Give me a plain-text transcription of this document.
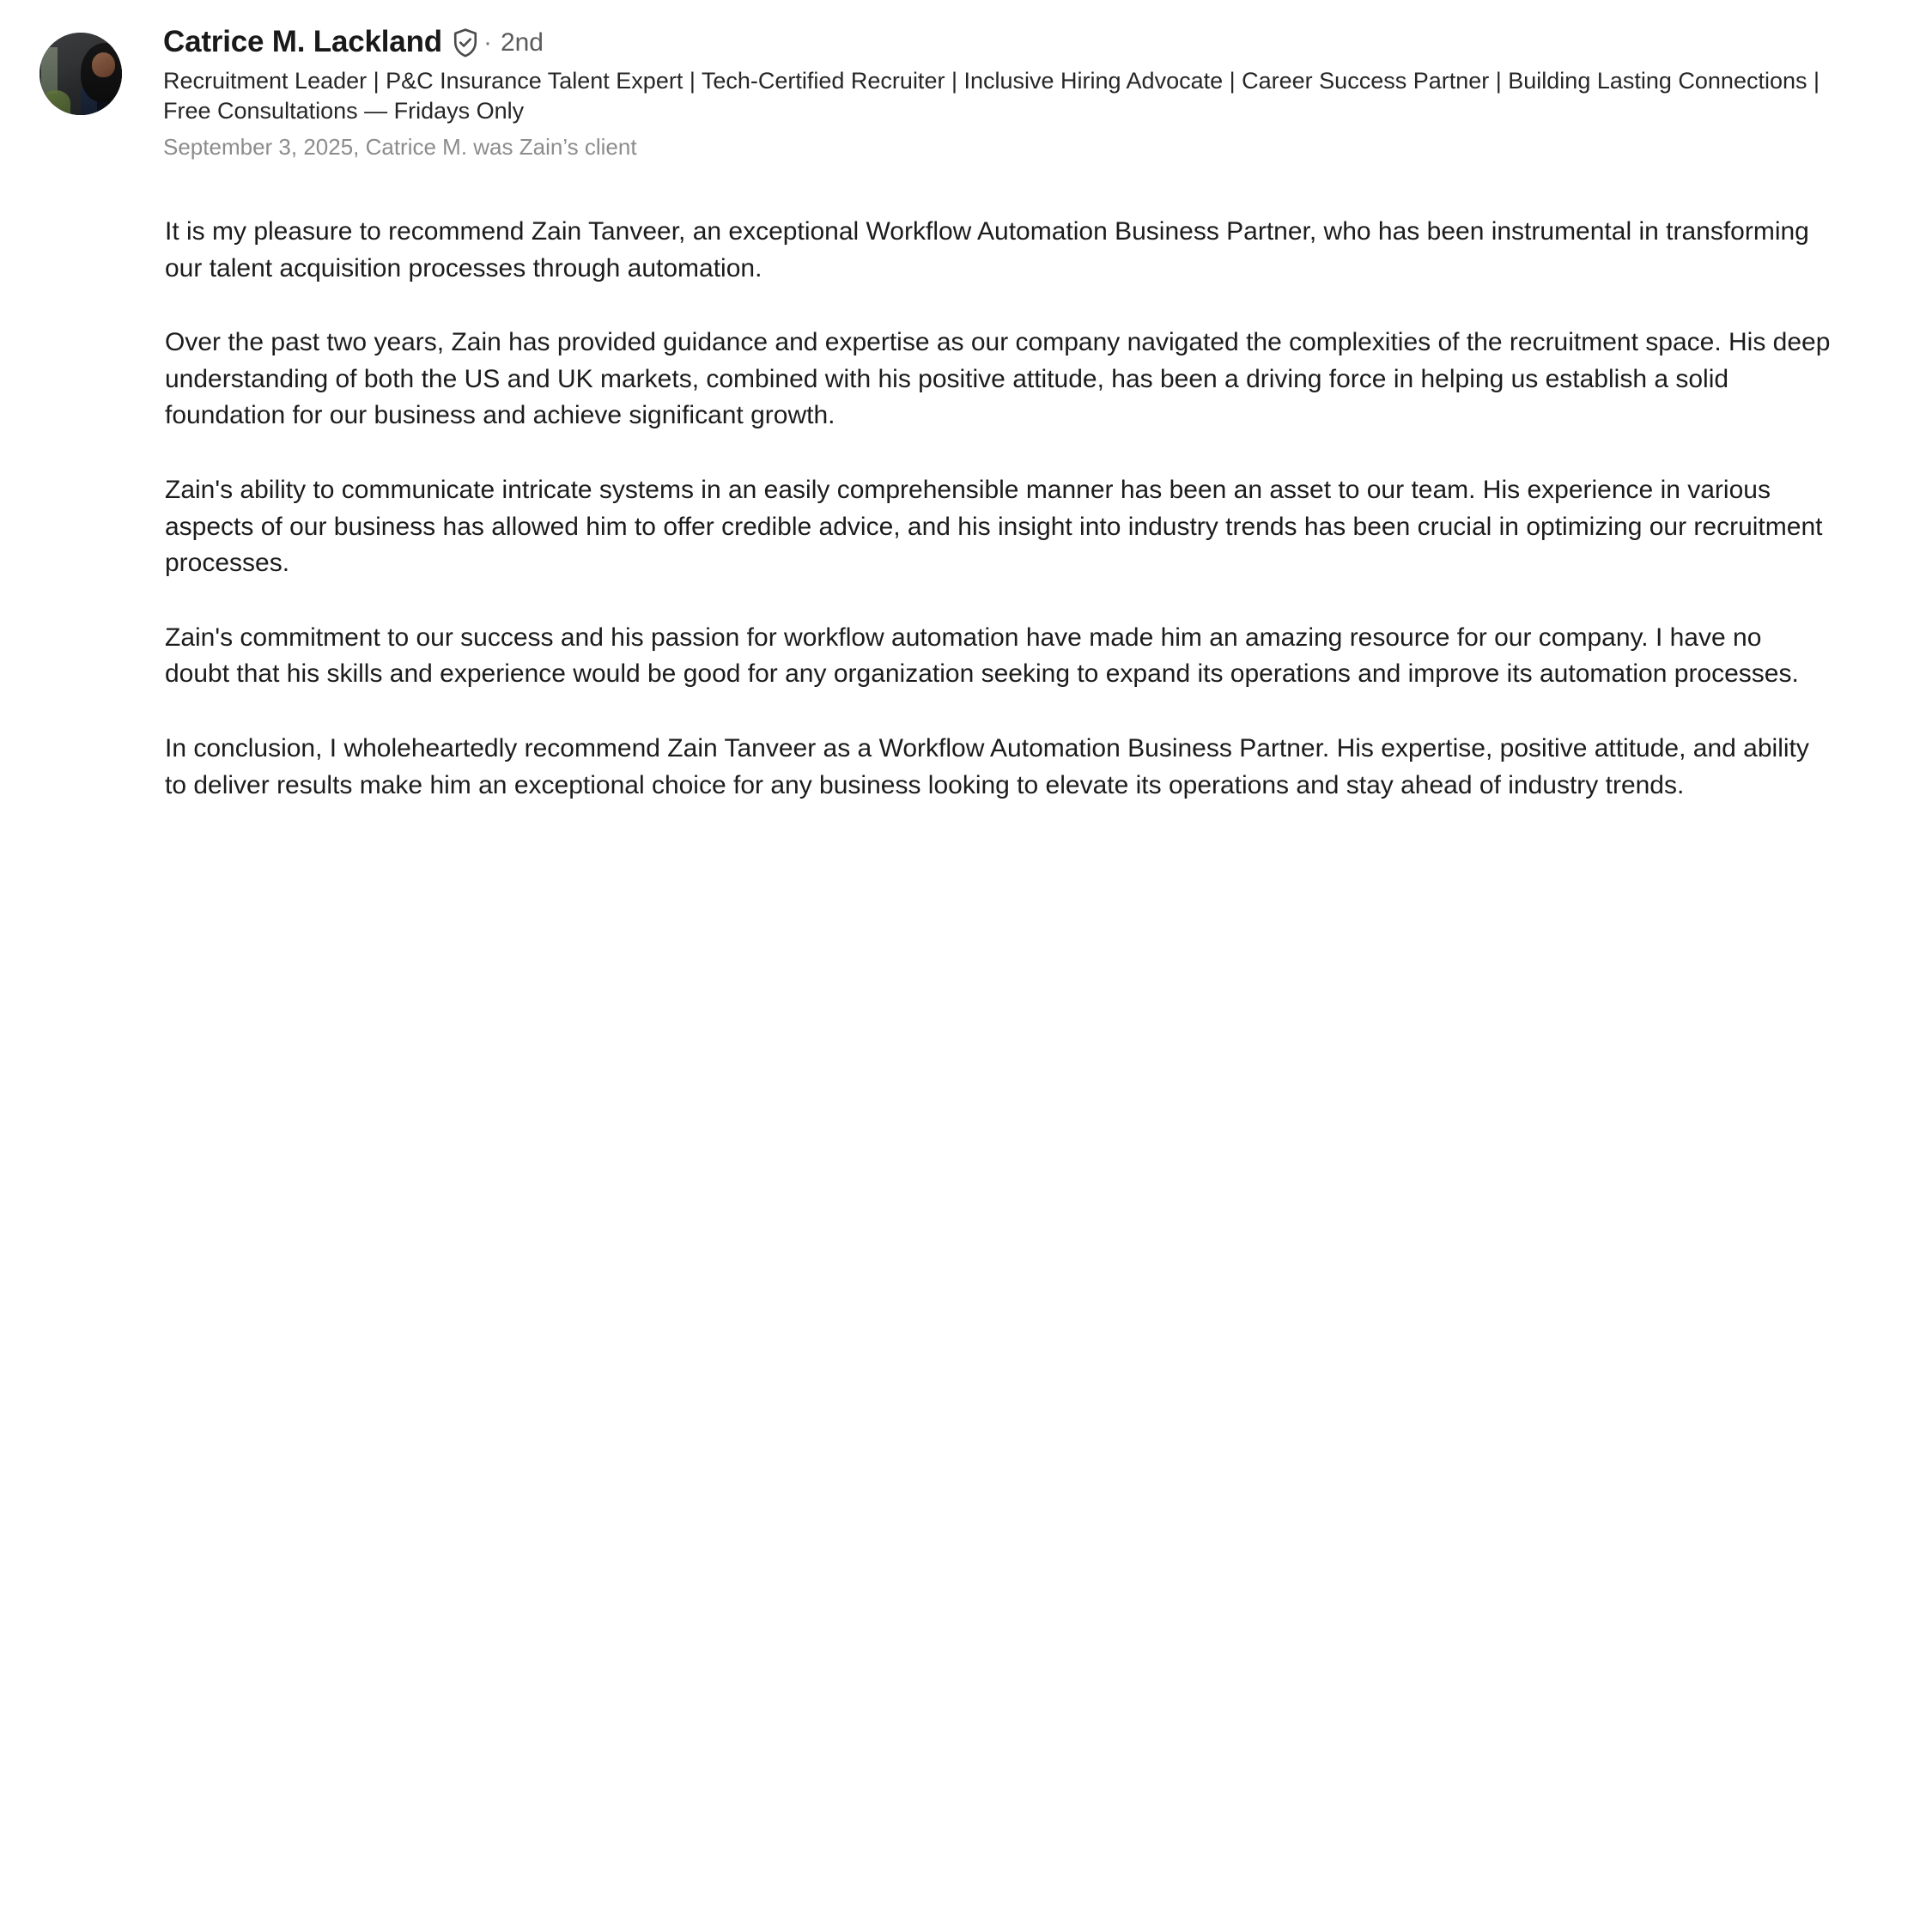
Catrice M. Lackland · 2nd
Recruitment Leader | P&C Insurance Talent Expert | Tech-Certified Recruiter | Inclusive Hiring Advocate | Career Success Partner | Building Lasting Connections | Free Consultations — Fridays Only
September 3, 2025, Catrice M. was Zain’s client

It is my pleasure to recommend Zain Tanveer, an exceptional Workflow Automation Business Partner, who has been instrumental in transforming our talent acquisition processes through automation.

Over the past two years, Zain has provided guidance and expertise as our company navigated the complexities of the recruitment space. His deep understanding of both the US and UK markets, combined with his positive attitude, has been a driving force in helping us establish a solid foundation for our business and achieve significant growth.

Zain's ability to communicate intricate systems in an easily comprehensible manner has been an asset to our team. His experience in various aspects of our business has allowed him to offer credible advice, and his insight into industry trends has been crucial in optimizing our recruitment processes.

Zain's commitment to our success and his passion for workflow automation have made him an amazing resource for our company. I have no doubt that his skills and experience would be good for any organization seeking to expand its operations and improve its automation processes.

In conclusion, I wholeheartedly recommend Zain Tanveer as a Workflow Automation Business Partner. His expertise, positive attitude, and ability to deliver results make him an exceptional choice for any business looking to elevate its operations and stay ahead of industry trends.
